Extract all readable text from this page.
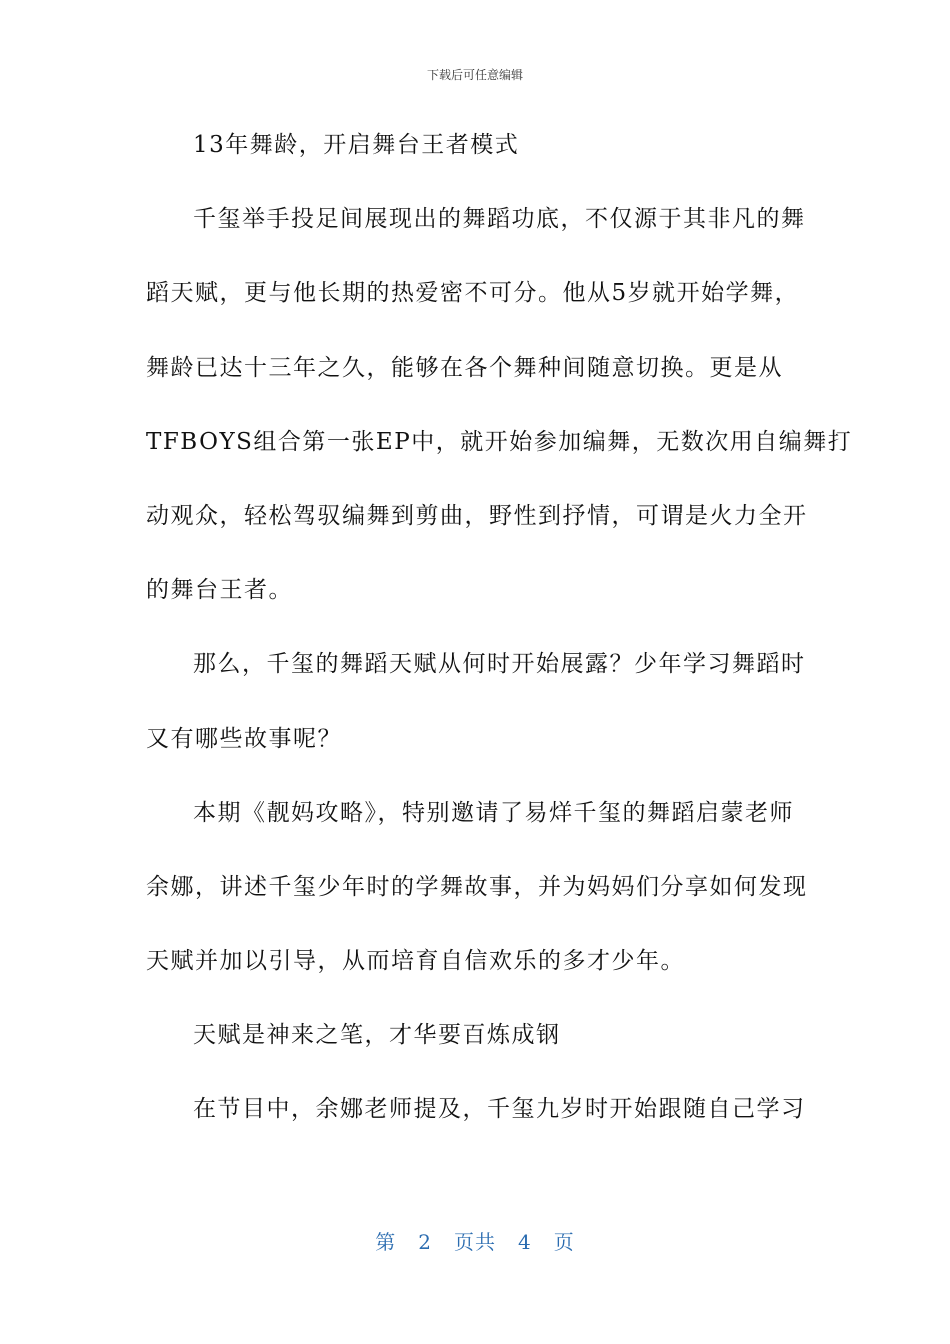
下载后可任意编辑
13年舞龄，开启舞台王者模式
千玺举手投足间展现出的舞蹈功底，不仅源于其非凡的舞
蹈天赋，更与他长期的热爱密不可分。他从5岁就开始学舞，
舞龄已达十三年之久，能够在各个舞种间随意切换。更是从
TFBOYS组合第一张EP中，就开始参加编舞，无数次用自编舞打
动观众，轻松驾驭编舞到剪曲，野性到抒情，可谓是火力全开
的舞台王者。
那么，千玺的舞蹈天赋从何时开始展露？少年学习舞蹈时
又有哪些故事呢？
本期《靓妈攻略》，特别邀请了易烊千玺的舞蹈启蒙老师
余娜，讲述千玺少年时的学舞故事，并为妈妈们分享如何发现
天赋并加以引导，从而培育自信欢乐的多才少年。
天赋是神来之笔，才华要百炼成钢
在节目中，余娜老师提及，千玺九岁时开始跟随自己学习
第 2 页共 4 页
